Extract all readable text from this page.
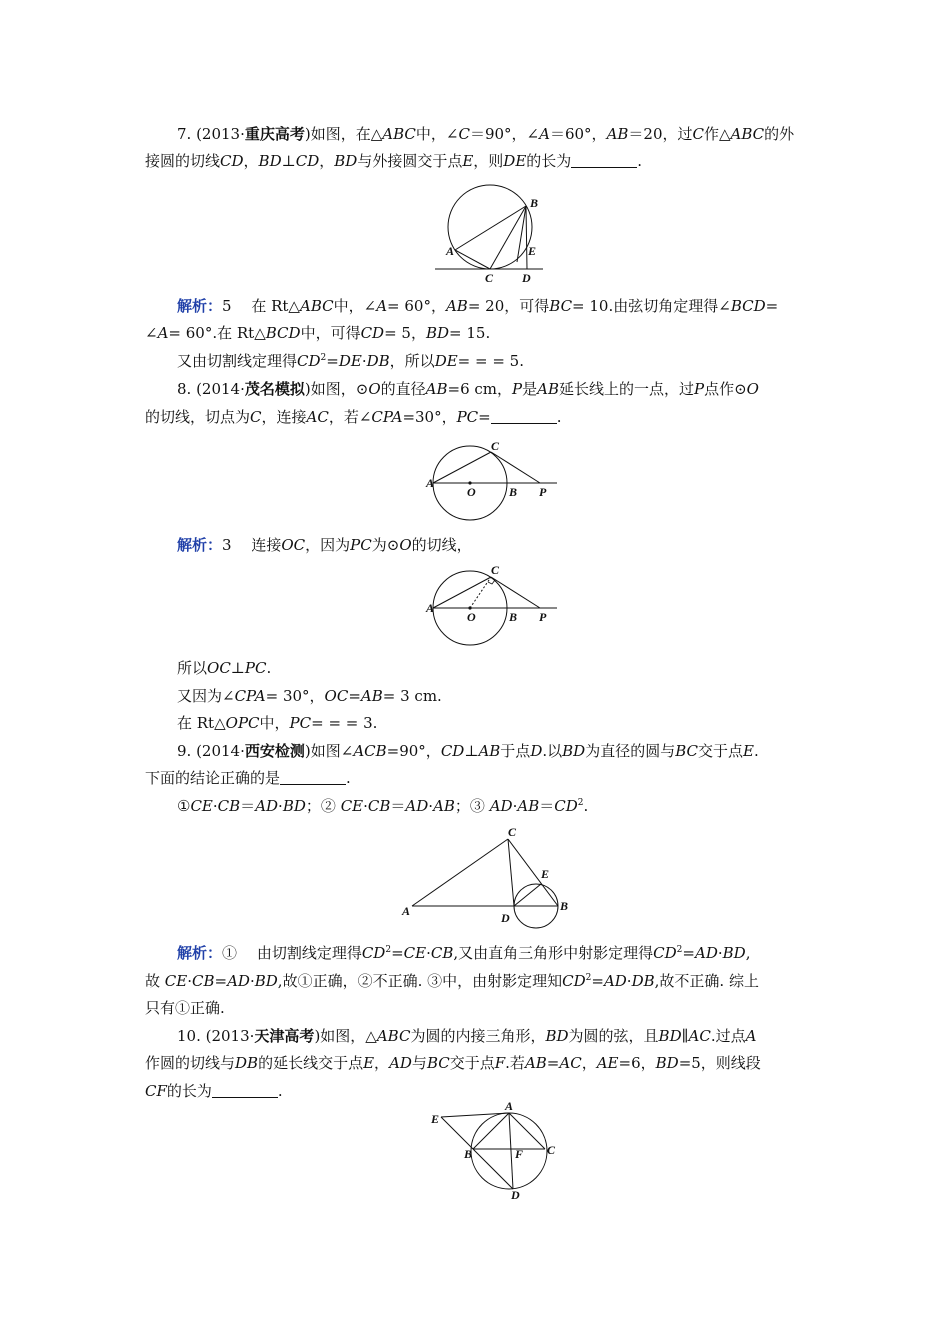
7. (2013·重庆高考)如图，在△ABC中，∠C＝90°，∠A＝60°，AB＝20，过C作△ABC的外
接圆的切线CD，BD⊥CD，BD与外接圆交于点E，则DE的长为	.
A
B
C D
E
解析：5　 在 Rt△ABC中，∠A= 60°，AB= 20，可得BC= 10.由弦切角定理得∠BCD=
∠A= 60°.在 Rt△BCD中，可得CD= 5，BD= 15.
又由切割线定理得$CD^2=DE\cdot DB$，所以DE= = = 5.
8. (2014·茂名模拟)如图，⊙O的直径AB=6 cm，P是AB延长线上的一点，过P点作⊙O
的切线，切点为C，连接AC，若∠CPA=30°，PC=	.
A
O	B P
C
解析：3　 连接OC，因为PC为⊙O的切线，
A
O	B P
C
所以OC⊥PC.
又因为∠CPA= 30°，OC=AB= 3 cm.
在 Rt△OPC中，PC= = = 3.
9. (2014·西安检测)如图∠ACB=90°，CD⊥AB于点D.以BD为直径的圆与BC交于点E.
下面的结论正确的是	.
①CE·CB＝AD·BD；② CE·CB＝AD·AB；③ $AD\cdot AB=CD^2$.
C
E
A	D
B
解析：①　 由切割线定理得$CD^2=CE\cdot CB$,又由直角三角形中射影定理得$CD^2=AD\cdot BD$,
故 CE·CB=AD·BD,故①正确，②不正确. ③中，由射影定理知$CD^2=AD\cdot DB$,故不正确. 综上
只有①正确.
10. (2013·天津高考)如图，△ABC为圆的内接三角形，BD为圆的弦，且BD∥AC.过点A
作圆的切线与DB的延长线交于点E，AD与BC交于点F.若AB=AC，AE=6，BD=5，则线段
CF的长为	.
E
A
B	F C
D
